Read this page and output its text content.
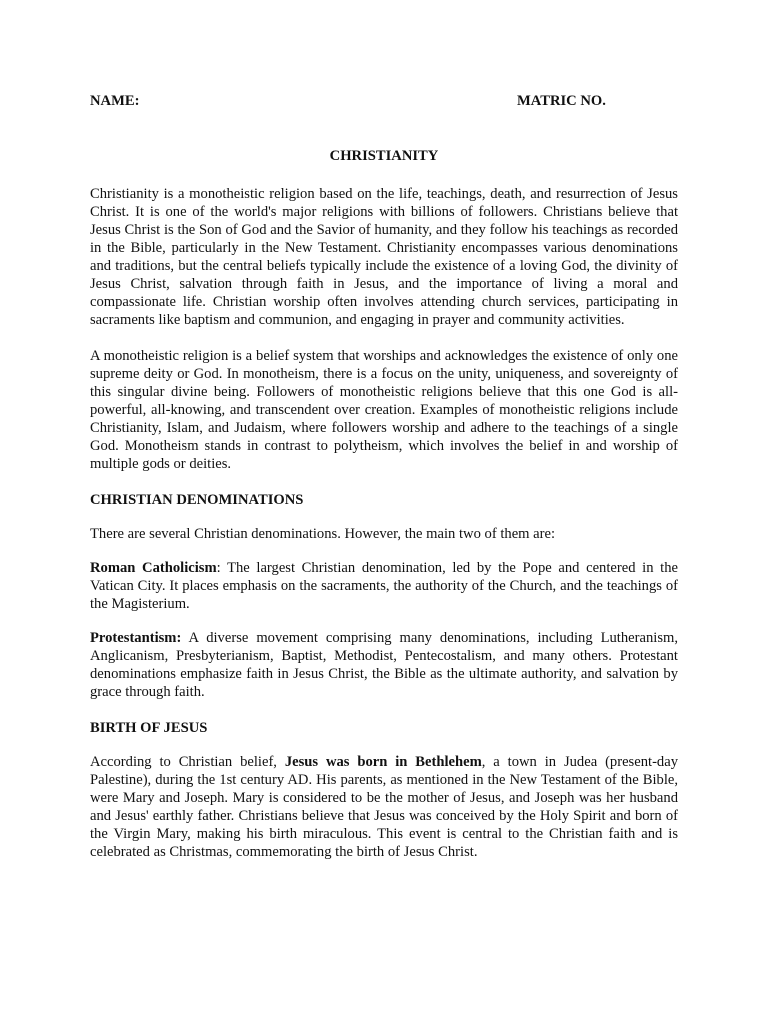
NAME:	MATRIC NO.
CHRISTIANITY

Christianity is a monotheistic religion based on the life, teachings, death, and resurrection of Jesus Christ. It is one of the world's major religions with billions of followers. Christians believe that Jesus Christ is the Son of God and the Savior of humanity, and they follow his teachings as recorded in the Bible, particularly in the New Testament. Christianity encompasses various denominations and traditions, but the central beliefs typically include the existence of a loving God, the divinity of Jesus Christ, salvation through faith in Jesus, and the importance of living a moral and compassionate life. Christian worship often involves attending church services, participating in sacraments like baptism and communion, and engaging in prayer and community activities.

A monotheistic religion is a belief system that worships and acknowledges the existence of only one supreme deity or God. In monotheism, there is a focus on the unity, uniqueness, and sovereignty of this singular divine being. Followers of monotheistic religions believe that this one God is all-powerful, all-knowing, and transcendent over creation. Examples of monotheistic religions include Christianity, Islam, and Judaism, where followers worship and adhere to the teachings of a single God. Monotheism stands in contrast to polytheism, which involves the belief in and worship of multiple gods or deities.

CHRISTIAN DENOMINATIONS

There are several Christian denominations. However, the main two of them are:

Roman Catholicism: The largest Christian denomination, led by the Pope and centered in the Vatican City. It places emphasis on the sacraments, the authority of the Church, and the teachings of the Magisterium.

Protestantism: A diverse movement comprising many denominations, including Lutheranism, Anglicanism, Presbyterianism, Baptist, Methodist, Pentecostalism, and many others. Protestant denominations emphasize faith in Jesus Christ, the Bible as the ultimate authority, and salvation by grace through faith.

BIRTH OF JESUS

According to Christian belief, Jesus was born in Bethlehem, a town in Judea (present-day Palestine), during the 1st century AD. His parents, as mentioned in the New Testament of the Bible, were Mary and Joseph. Mary is considered to be the mother of Jesus, and Joseph was her husband and Jesus' earthly father. Christians believe that Jesus was conceived by the Holy Spirit and born of the Virgin Mary, making his birth miraculous. This event is central to the Christian faith and is celebrated as Christmas, commemorating the birth of Jesus Christ.
